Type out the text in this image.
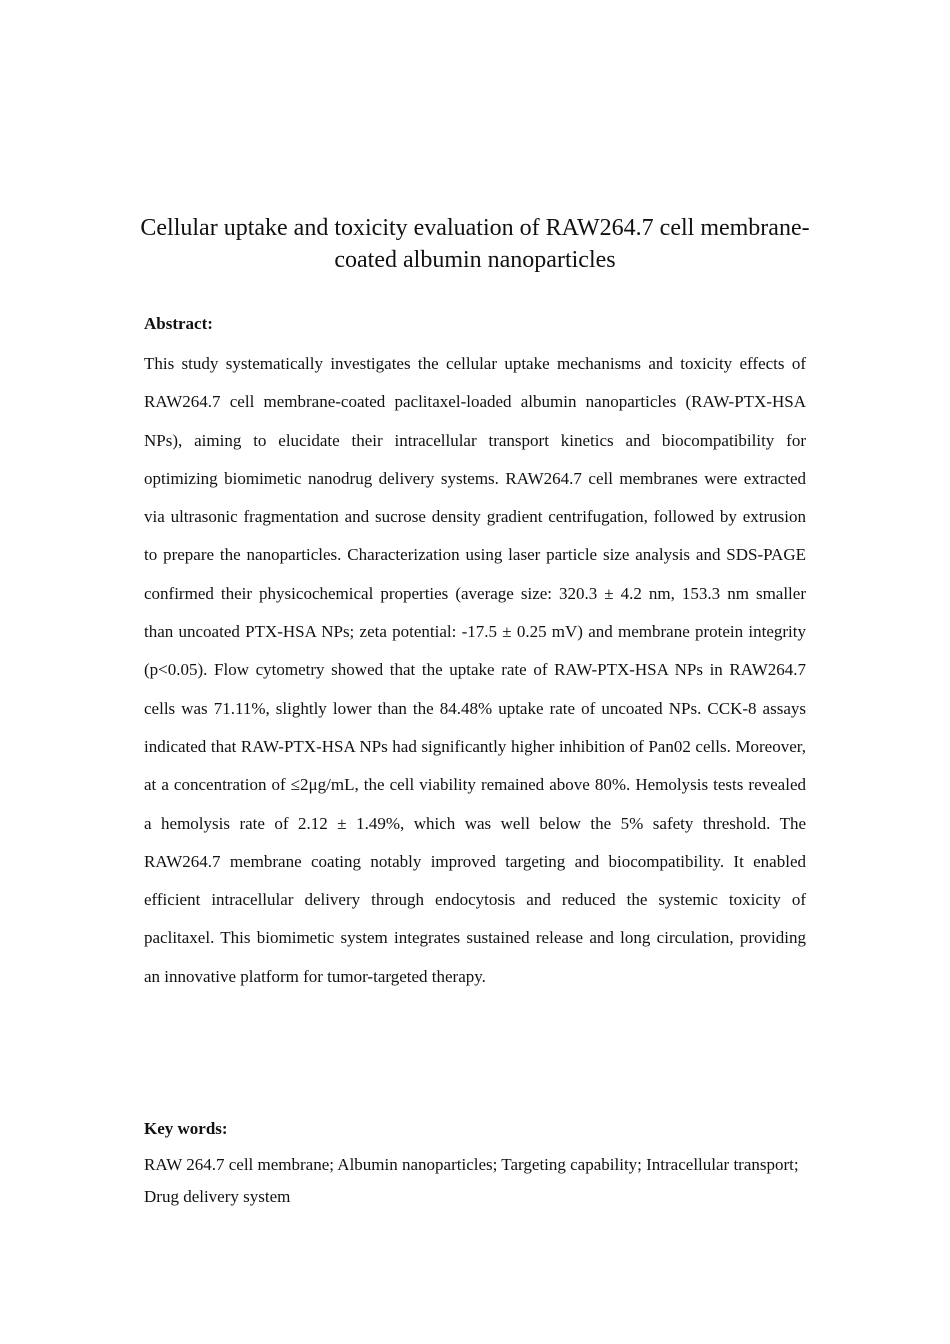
Cellular uptake and toxicity evaluation of RAW264.7 cell membrane-coated albumin nanoparticles

Abstract:

This study systematically investigates the cellular uptake mechanisms and toxicity effects of RAW264.7 cell membrane-coated paclitaxel-loaded albumin nanoparticles (RAW-PTX-HSA NPs), aiming to elucidate their intracellular transport kinetics and biocompatibility for optimizing biomimetic nanodrug delivery systems. RAW264.7 cell membranes were extracted via ultrasonic fragmentation and sucrose density gradient centrifugation, followed by extrusion to prepare the nanoparticles. Characterization using laser particle size analysis and SDS-PAGE confirmed their physicochemical properties (average size: 320.3 ± 4.2 nm, 153.3 nm smaller than uncoated PTX-HSA NPs; zeta potential: -17.5 ± 0.25 mV) and membrane protein integrity (p<0.05). Flow cytometry showed that the uptake rate of RAW-PTX-HSA NPs in RAW264.7 cells was 71.11%, slightly lower than the 84.48% uptake rate of uncoated NPs. CCK-8 assays indicated that RAW-PTX-HSA NPs had significantly higher inhibition of Pan02 cells. Moreover, at a concentration of ≤2μg/mL, the cell viability remained above 80%. Hemolysis tests revealed a hemolysis rate of 2.12 ± 1.49%, which was well below the 5% safety threshold. The RAW264.7 membrane coating notably improved targeting and biocompatibility. It enabled efficient intracellular delivery through endocytosis and reduced the systemic toxicity of paclitaxel. This biomimetic system integrates sustained release and long circulation, providing an innovative platform for tumor-targeted therapy.

Key words:

RAW 264.7 cell membrane; Albumin nanoparticles; Targeting capability; Intracellular transport; Drug delivery system
